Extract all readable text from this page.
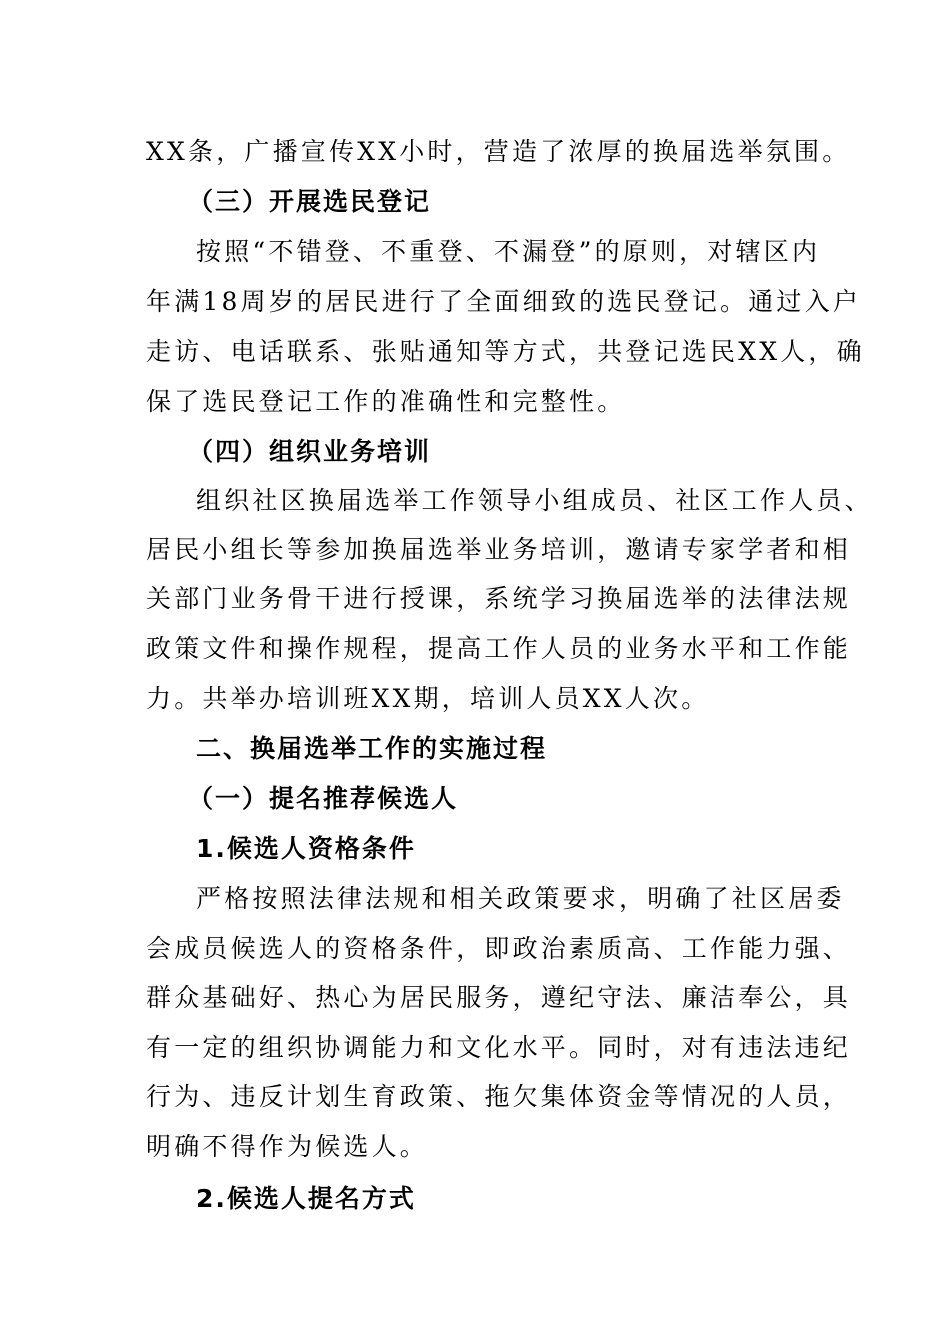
XX条，广播宣传XX小时，营造了浓厚的换届选举氛围。
（三）开展选民登记
按照“不错登、不重登、不漏登”的原则，对辖区内
年满18周岁的居民进行了全面细致的选民登记。通过入户
走访、电话联系、张贴通知等方式，共登记选民XX人，确
保了选民登记工作的准确性和完整性。
（四）组织业务培训
组织社区换届选举工作领导小组成员、社区工作人员、
居民小组长等参加换届选举业务培训，邀请专家学者和相
关部门业务骨干进行授课，系统学习换届选举的法律法规
政策文件和操作规程，提高工作人员的业务水平和工作能
力。共举办培训班XX期，培训人员XX人次。
二、换届选举工作的实施过程
（一）提名推荐候选人
1.候选人资格条件
严格按照法律法规和相关政策要求，明确了社区居委
会成员候选人的资格条件，即政治素质高、工作能力强、
群众基础好、热心为居民服务，遵纪守法、廉洁奉公，具
有一定的组织协调能力和文化水平。同时，对有违法违纪
行为、违反计划生育政策、拖欠集体资金等情况的人员，
明确不得作为候选人。
2.候选人提名方式
